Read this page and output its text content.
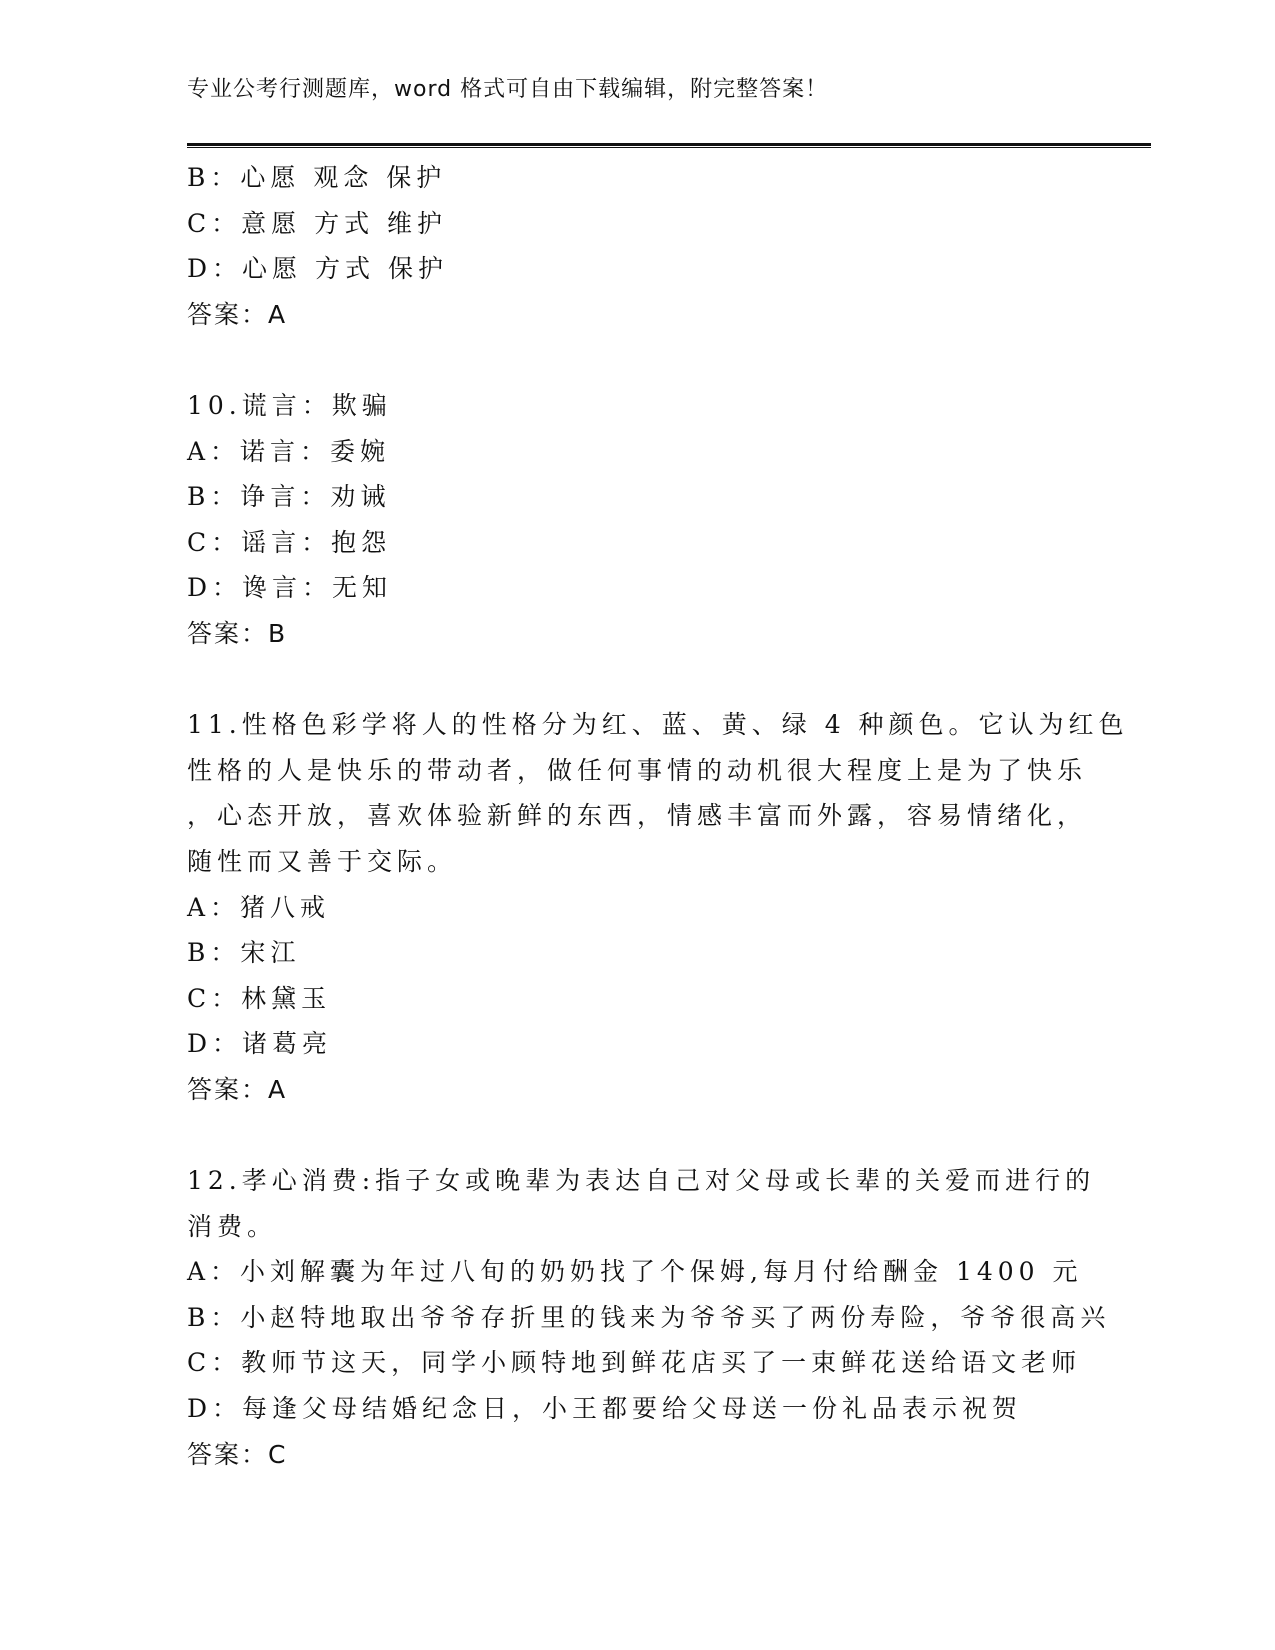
专业公考行测题库，word 格式可自由下载编辑，附完整答案！
B：心愿 观念 保护
C：意愿 方式 维护
D：心愿 方式 保护
答案：A
10.谎言：欺骗
A：诺言：委婉
B：诤言：劝诫
C：谣言：抱怨
D：谗言：无知
答案：B
11.性格色彩学将人的性格分为红、蓝、黄、绿 4 种颜色。它认为红色
性格的人是快乐的带动者，做任何事情的动机很大程度上是为了快乐
，心态开放，喜欢体验新鲜的东西，情感丰富而外露，容易情绪化，
随性而又善于交际。
A：猪八戒
B：宋江
C：林黛玉
D：诸葛亮
答案：A
12.孝心消费:指子女或晚辈为表达自己对父母或长辈的关爱而进行的
消费。
A：小刘解囊为年过八旬的奶奶找了个保姆,每月付给酬金 1400 元
B：小赵特地取出爷爷存折里的钱来为爷爷买了两份寿险，爷爷很高兴
C：教师节这天，同学小顾特地到鲜花店买了一束鲜花送给语文老师
D：每逢父母结婚纪念日，小王都要给父母送一份礼品表示祝贺
答案：C
